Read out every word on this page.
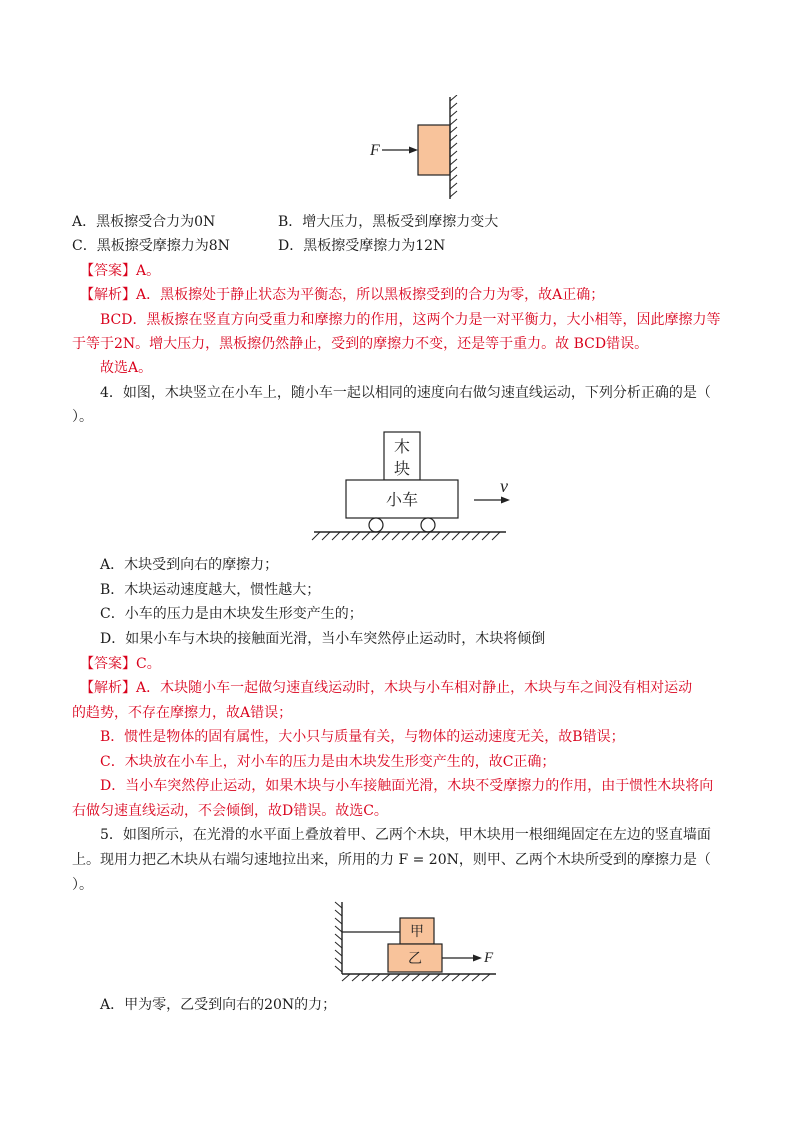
F
A．黑板擦受合力为0N	B．增大压力，黑板受到摩擦力变大
C．黑板擦受摩擦力为8N	D．黑板擦受摩擦力为12N
【答案】A。
【解析】A．黑板擦处于静止状态为平衡态，所以黑板擦受到的合力为零，故A正确；
BCD．黑板擦在竖直方向受重力和摩擦力的作用，这两个力是一对平衡力，大小相等，因此摩擦力等
于等于2N。增大压力，黑板擦仍然静止，受到的摩擦力不变，还是等于重力。故 BCD错误。
故选A。
4．如图，木块竖立在小车上，随小车一起以相同的速度向右做匀速直线运动，下列分析正确的是（
）。
木
块
小车
v
A．木块受到向右的摩擦力；
B．木块运动速度越大，惯性越大；
C．小车的压力是由木块发生形变产生的；
D．如果小车与木块的接触面光滑，当小车突然停止运动时，木块将倾倒
【答案】C。
【解析】A．木块随小车一起做匀速直线运动时，木块与小车相对静止，木块与车之间没有相对运动
的趋势，不存在摩擦力，故A错误；
B．惯性是物体的固有属性，大小只与质量有关，与物体的运动速度无关，故B错误；
C．木块放在小车上，对小车的压力是由木块发生形变产生的，故C正确；
D．当小车突然停止运动，如果木块与小车接触面光滑，木块不受摩擦力的作用，由于惯性木块将向
右做匀速直线运动，不会倾倒，故D错误。故选C。
5．如图所示，在光滑的水平面上叠放着甲、乙两个木块，甲木块用一根细绳固定在左边的竖直墙面
上。现用力把乙木块从右端匀速地拉出来，所用的力 F = 20N，则甲、乙两个木块所受到的摩擦力是（
）。
甲
乙	F
A．甲为零，乙受到向右的20N的力；
